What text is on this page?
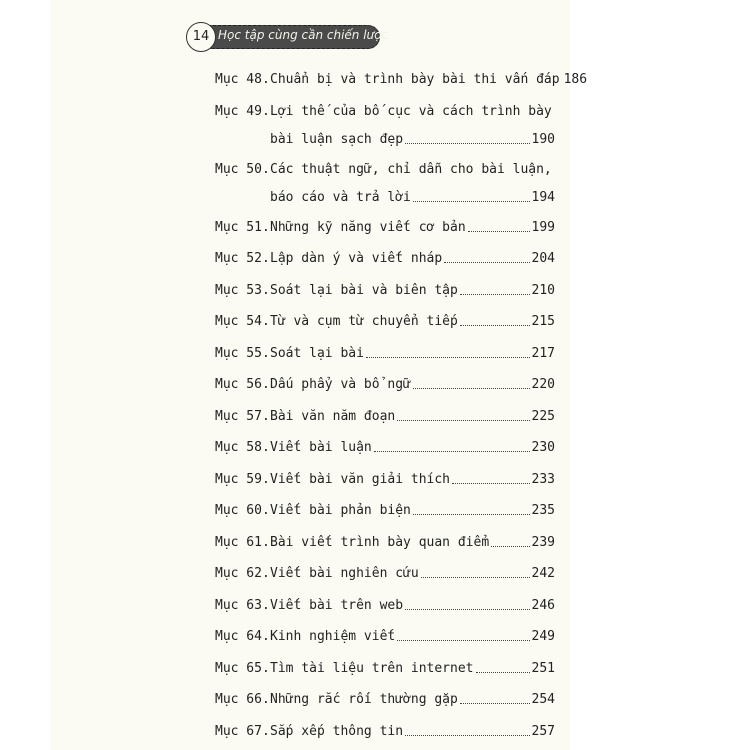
Học tập cùng cần chiến lược
14
Mục 48. Chuẩn bị và trình bày bài thi vấn đáp 186
Mục 49. Lợi thế của bố cục và cách trình bày
bài luận sạch đẹp	190
Mục 50. Các thuật ngữ, chỉ dẫn cho bài luận,
báo cáo và trả lời	194
Mục 51. Những kỹ năng viết cơ bản	199
Mục 52. Lập dàn ý và viết nháp	204
Mục 53. Soát lại bài và biên tập	210
Mục 54. Từ và cụm từ chuyển tiếp	215
Mục 55. Soát lại bài	217
Mục 56. Dấu phẩy và bổ ngữ	220
Mục 57. Bài văn năm đoạn	225
Mục 58. Viết bài luận	230
Mục 59. Viết bài văn giải thích	233
Mục 60. Viết bài phản biện	235
Mục 61. Bài viết trình bày quan điểm	239
Mục 62. Viết bài nghiên cứu	242
Mục 63. Viết bài trên web	246
Mục 64. Kinh nghiệm viết	249
Mục 65. Tìm tài liệu trên internet	251
Mục 66. Những rắc rối thường gặp	254
Mục 67. Sắp xếp thông tin	257
